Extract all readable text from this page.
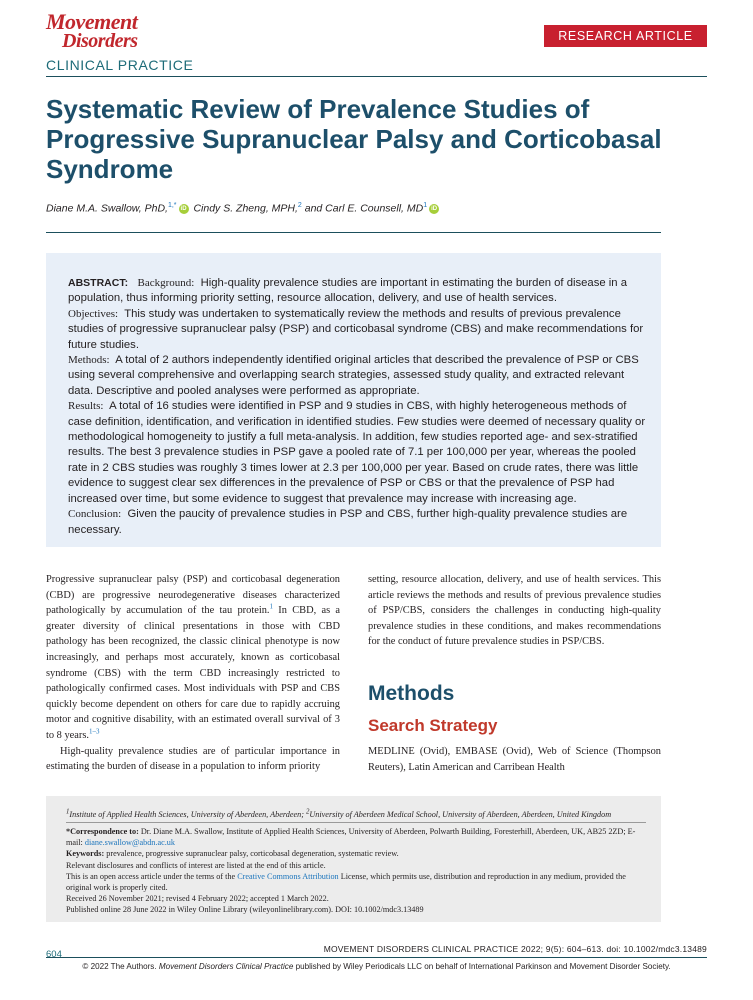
Movement
Disorders	RESEARCH ARTICLE
CLINICAL PRACTICE
Systematic Review of Prevalence Studies of Progressive Supranuclear Palsy and Corticobasal Syndrome
Diane M.A. Swallow, PhD,$^{1,*}$ iD Cindy S. Zheng, MPH,$^2$ and Carl E. Counsell, $MD^1$ iD
ABSTRACT: Background: High-quality prevalence studies are important in estimating the burden of disease in a population, thus informing priority setting, resource allocation, delivery, and use of health services.
Objectives: This study was undertaken to systematically review the methods and results of previous prevalence studies of progressive supranuclear palsy (PSP) and corticobasal syndrome (CBS) and make recommendations for future studies.
Methods: A total of 2 authors independently identified original articles that described the prevalence of PSP or CBS using several comprehensive and overlapping search strategies, assessed study quality, and extracted relevant data. Descriptive and pooled analyses were performed as appropriate.
Results: A total of 16 studies were identified in PSP and 9 studies in CBS, with highly heterogeneous methods of case definition, identification, and verification in identified studies. Few studies were deemed of necessary quality or methodological homogeneity to justify a full meta-analysis. In addition, few studies reported age- and sex-stratified results. The best 3 prevalence studies in PSP gave a pooled rate of 7.1 per 100,000 per year, whereas the pooled rate in 2 CBS studies was roughly 3 times lower at 2.3 per 100,000 per year. Based on crude rates, there was little evidence to suggest clear sex differences in the prevalence of PSP or CBS or that the prevalence of PSP had increased over time, but some evidence to suggest that prevalence may increase with increasing age.
Conclusion: Given the paucity of prevalence studies in PSP and CBS, further high-quality prevalence studies are necessary.
Progressive supranuclear palsy (PSP) and corticobasal degeneration (CBD) are progressive neurodegenerative diseases characterized pathologically by accumulation of the tau protein.$^1$ In CBD, as a greater diversity of clinical presentations in those with CBD pathology has been recognized, the classic clinical phenotype is now increasingly, and perhaps most accurately, known as corticobasal syndrome (CBS) with the term CBD increasingly restricted to pathologically confirmed cases. Most individuals with PSP and CBS quickly become dependent on others for care due to rapidly accruing motor and cognitive disability, with an estimated overall survival of 3 to 8 years.$^{1-3}$
High-quality prevalence studies are of particular importance in estimating the burden of disease in a population to inform priority
setting, resource allocation, delivery, and use of health services. This article reviews the methods and results of previous prevalence studies of PSP/CBS, considers the challenges in conducting high-quality prevalence studies in these conditions, and makes recommendations for the conduct of future prevalence studies in PSP/CBS.
Methods
Search Strategy
MEDLINE (Ovid), EMBASE (Ovid), Web of Science (Thompson Reuters), Latin American and Carribean Health
$^1$Institute of Applied Health Sciences, University of Aberdeen, Aberdeen; $^2$University of Aberdeen Medical School, University of Aberdeen, Aberdeen, United Kingdom
*Correspondence to: Dr. Diane M.A. Swallow, Institute of Applied Health Sciences, University of Aberdeen, Polwarth Building, Foresterhill, Aberdeen, UK, AB25 2ZD; E-mail: diane.swallow@abdn.ac.uk
Keywords: prevalence, progressive supranuclear palsy, corticobasal degeneration, systematic review.
Relevant disclosures and conflicts of interest are listed at the end of this article.
This is an open access article under the terms of the Creative Commons Attribution License, which permits use, distribution and reproduction in any medium, provided the original work is properly cited.
Received 26 November 2021; revised 4 February 2022; accepted 1 March 2022.
Published online 28 June 2022 in Wiley Online Library (wileyonlinelibrary.com). DOI: 10.1002/mdc3.13489
MOVEMENT DISORDERS CLINICAL PRACTICE 2022; 9(5): 604–613. doi: 10.1002/mdc3.13489
604
© 2022 The Authors. Movement Disorders Clinical Practice published by Wiley Periodicals LLC on behalf of International Parkinson and Movement Disorder Society.
